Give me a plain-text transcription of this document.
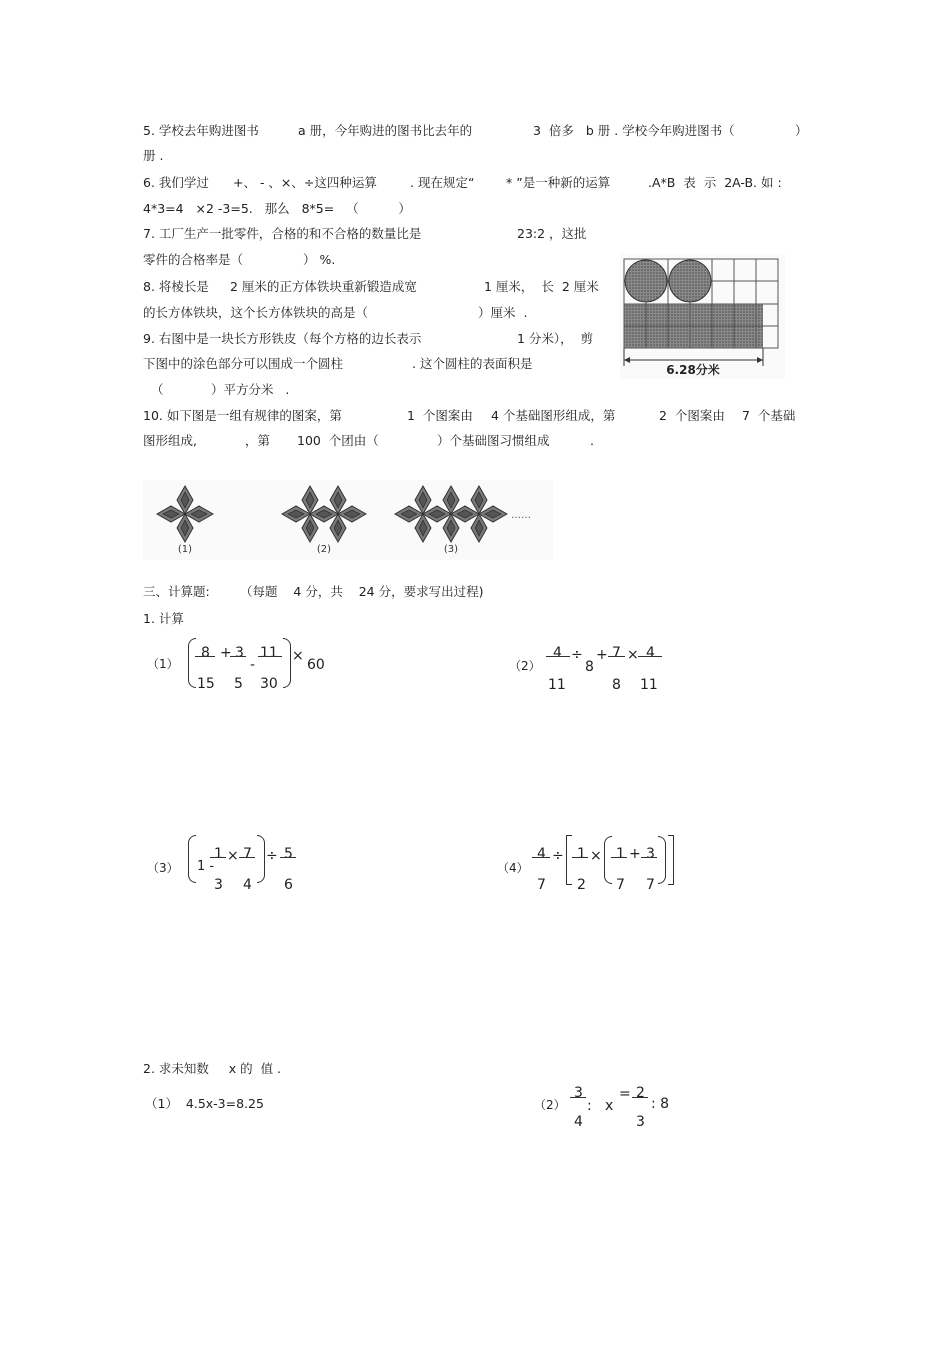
5. 学校去年购进图书	a 册，今年购进的图书比去年的	3  倍多   b 册 . 学校今年购进图书（	）
册 .
6. 我们学过 +、 - 、×、÷这四种运算	. 现在规定“	* ”是一种新的运算	.A*B  表  示  2A-B. 如 :
4*3=4   ×2 -3=5.   那么   8*5=   （          ）
7. 工厂生产一批零件，合格的和不合格的数量比是	23:2 ，这批
零件的合格率是（	） %.
8. 将棱长是 2 厘米的正方体铁块重新锻造成宽	1 厘米，  长  2 厘米
的长方体铁块，这个长方体铁块的高是（	）厘米  .
9. 右图中是一块长方形铁皮（每个方格的边长表示	1 分米），  剪
下图中的涂色部分可以围成一个圆柱	. 这个圆柱的表面积是
（	）平方分米   .
6.28分米
10. 如下图是一组有规律的图案，第	1  个图案由 4 个基础图形组成，第	2  个图案由 7  个基础
图形组成,	，第 100  个团由（	）个基础图习惯组成	.
(1)	(2)	(3)
……
三、计算题: （每题    4 分，共    24 分，要求写出过程)
1. 计算
（1）
8
15
+ 3
5
-
11
30
×
60	（2）
4
11
÷
8
+ 7
8
× 4
11
（3） 1 -
1
3
× 7
4
÷ 5
6
（4）
4
7
÷ 1
2
× 1
7
+ 3
7
2. 求未知数     x 的  值 .
（1）  4.5x-3=8.25	（2）
3
4
: x
= 2
3
: 8
